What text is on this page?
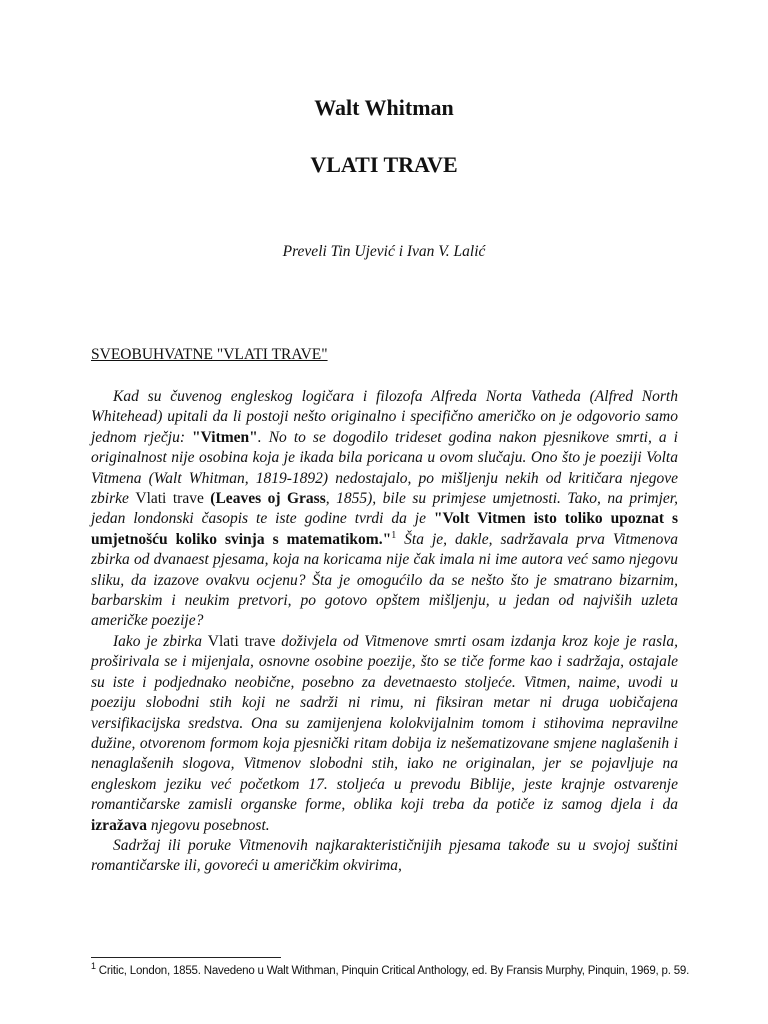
Walt Whitman
VLATI TRAVE
Preveli Tin Ujević i Ivan V. Lalić
SVEOBUHVATNE "VLATI TRAVE"

Kad su čuvenog engleskog logičara i filozofa Alfreda Norta Vatheda (Alfred North Whitehead) upitali da li postoji nešto originalno i specifično američko on je odgovorio samo jednom rječju: "Vitmen". No to se dogodilo trideset godina nakon pjesnikove smrti, a i originalnost nije osobina koja je ikada bila poricana u ovom slučaju. Ono što je poeziji Volta Vitmena (Walt Whitman, 1819-1892) nedostajalo, po mišljenju nekih od kritičara njegove zbirke Vlati trave (Leaves oj Grass, 1855), bile su primjese umjetnosti. Tako, na primjer, jedan londonski časopis te iste godine tvrdi da je "Volt Vitmen isto toliko upoznat s umjetnošću koliko svinja s matematikom."$^1$ Šta je, dakle, sadržavala prva Vitmenova zbirka od dvanaest pjesama, koja na koricama nije čak imala ni ime autora već samo njegovu sliku, da izazove ovakvu ocjenu? Šta je omogućilo da se nešto što je smatrano bizarnim, barbarskim i neukim pretvori, po gotovo opštem mišljenju, u jedan od najviših uzleta američke poezije?

Iako je zbirka Vlati trave doživjela od Vitmenove smrti osam izdanja kroz koje je rasla, proširivala se i mijenjala, osnovne osobine poezije, što se tiče forme kao i sadržaja, ostajale su iste i podjednako neobične, posebno za devetnaesto stoljeće. Vitmen, naime, uvodi u poeziju slobodni stih koji ne sadrži ni rimu, ni fiksiran metar ni druga uobičajena versifikacijska sredstva. Ona su zamijenjena kolokvijalnim tomom i stihovima nepravilne dužine, otvorenom formom koja pjesnički ritam dobija iz nešematizovane smjene naglašenih i nenaglašenih slogova, Vitmenov slobodni stih, iako ne originalan, jer se pojavljuje na engleskom jeziku već početkom 17. stoljeća u prevodu Biblije, jeste krajnje ostvarenje romantičarske zamisli organske forme, oblika koji treba da potiče iz samog djela i da izražava njegovu posebnost.

Sadržaj ili poruke Vitmenovih najkarakterističnijih pjesama takođe su u svojoj suštini romantičarske ili, govoreći u američkim okvirima,

$^1$ Critic, London, 1855. Navedeno u Walt Withman, Pinquin Critical Anthology, ed. By Fransis Murphy, Pinquin, 1969, p. 59.
